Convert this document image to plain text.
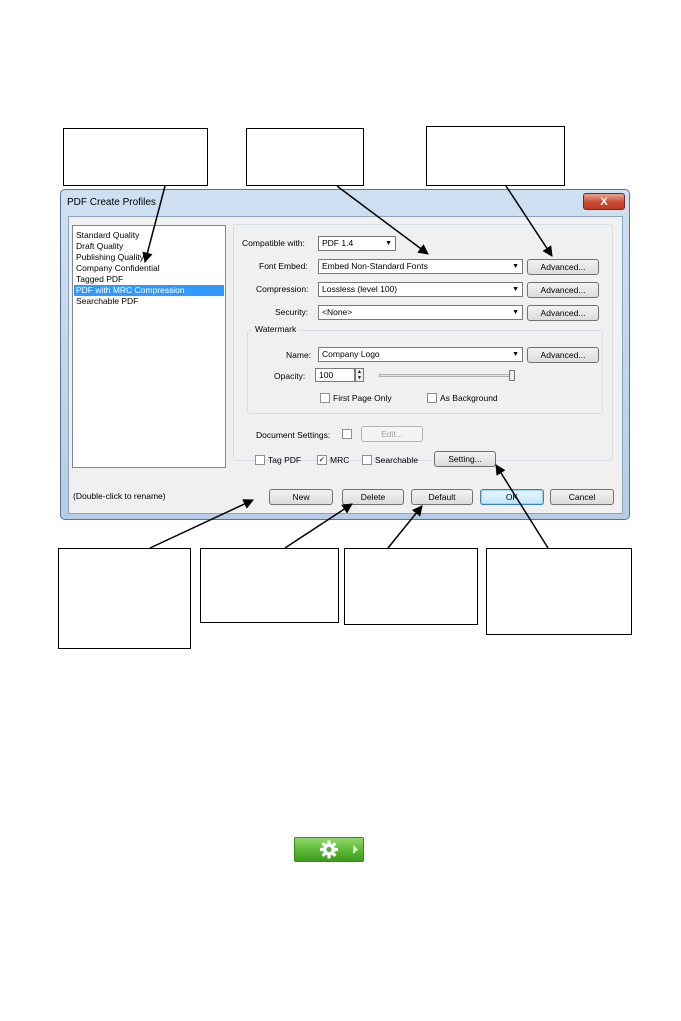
PDF Create Profiles	X
Standard Quality
Draft Quality
Publishing Quality
Company Confidential
Tagged PDF
PDF with MRC Compression
Searchable PDF
(Double-click to rename)
Compatible with:	PDF 1.4	▼
Font Embed:	Embed Non-Standard Fonts	▼	Advanced...
Compression:	Lossless (level 100)	▼	Advanced...
Security:	<None>	▼	Advanced...
Watermark
Name:	Company Logo	▼	Advanced...
Opacity:	100	▲
▼
First Page Only	As Background
Document Settings:	Edit...
Tag PDF ✓ MRC	Searchable	Setting...
New	Delete	Default	OK	Cancel
